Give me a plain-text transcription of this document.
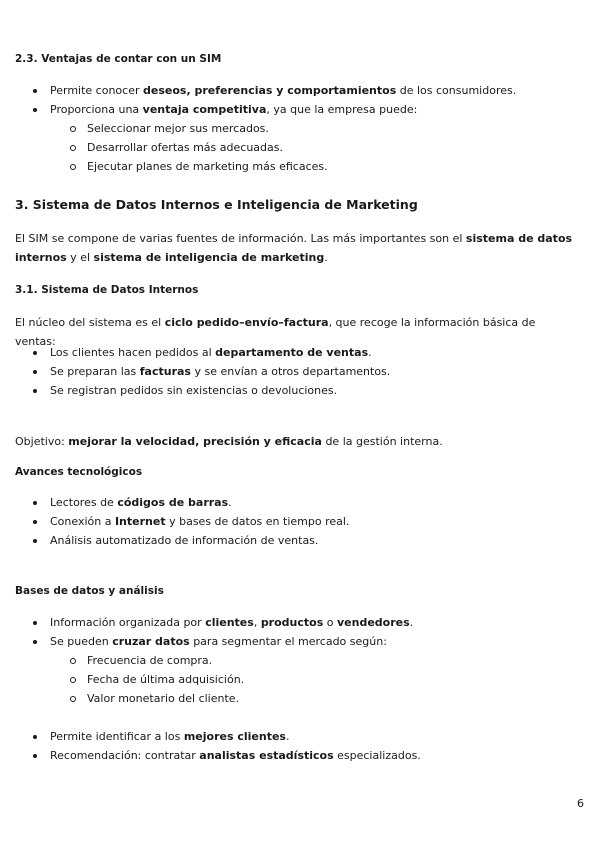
2.3. Ventajas de contar con un SIM
Permite conocer deseos, preferencias y comportamientos de los consumidores.
Proporciona una ventaja competitiva, ya que la empresa puede:
Seleccionar mejor sus mercados.
Desarrollar ofertas más adecuadas.
Ejecutar planes de marketing más eficaces.
3. Sistema de Datos Internos e Inteligencia de Marketing

El SIM se compone de varias fuentes de información. Las más importantes son el sistema de datos internos y el sistema de inteligencia de marketing.

3.1. Sistema de Datos Internos

El núcleo del sistema es el ciclo pedido–envío–factura, que recoge la información básica de ventas:

Los clientes hacen pedidos al departamento de ventas.
Se preparan las facturas y se envían a otros departamentos.
Se registran pedidos sin existencias o devoluciones.

Objetivo: mejorar la velocidad, precisión y eficacia de la gestión interna.

Avances tecnológicos
Lectores de códigos de barras.
Conexión a Internet y bases de datos en tiempo real.
Análisis automatizado de información de ventas.
Bases de datos y análisis
Información organizada por clientes, productos o vendedores.
Se pueden cruzar datos para segmentar el mercado según:
Frecuencia de compra.
Fecha de última adquisición.
Valor monetario del cliente.
Permite identificar a los mejores clientes.
Recomendación: contratar analistas estadísticos especializados.
6
